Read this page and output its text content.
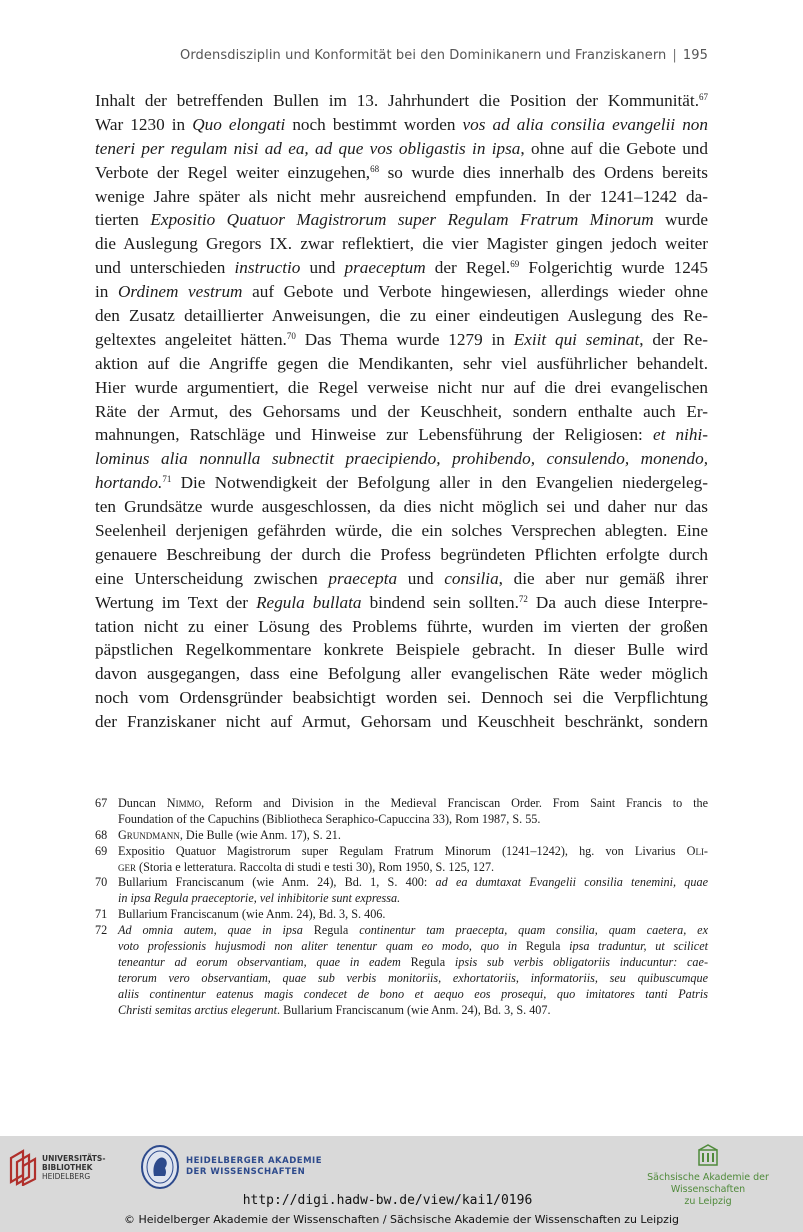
Ordensdisziplin und Konformität bei den Dominikanern und Franziskanern | 195
Inhalt der betreffenden Bullen im 13. Jahrhundert die Position der Kommunität.$^{67}$
War 1230 in Quo elongati noch bestimmt worden vos ad alia consilia evangelii non
teneri per regulam nisi ad ea, ad que vos obligastis in ipsa, ohne auf die Gebote und
Verbote der Regel weiter einzugehen,$^{68}$ so wurde dies innerhalb des Ordens bereits
wenige Jahre später als nicht mehr ausreichend empfunden. In der 1241–1242 da-
tierten Expositio Quatuor Magistrorum super Regulam Fratrum Minorum wurde
die Auslegung Gregors IX. zwar reflektiert, die vier Magister gingen jedoch weiter
und unterschieden instructio und praeceptum der Regel.$^{69}$ Folgerichtig wurde 1245
in Ordinem vestrum auf Gebote und Verbote hingewiesen, allerdings wieder ohne
den Zusatz detaillierter Anweisungen, die zu einer eindeutigen Auslegung des Re-
geltextes angeleitet hätten.$^{70}$ Das Thema wurde 1279 in Exiit qui seminat, der Re-
aktion auf die Angriffe gegen die Mendikanten, sehr viel ausführlicher behandelt.
Hier wurde argumentiert, die Regel verweise nicht nur auf die drei evangelischen
Räte der Armut, des Gehorsams und der Keuschheit, sondern enthalte auch Er-
mahnungen, Ratschläge und Hinweise zur Lebensführung der Religiosen: et nihi-
lominus alia nonnulla subnectit praecipiendo, prohibendo, consulendo, monendo,
hortando.$^{71}$ Die Notwendigkeit der Befolgung aller in den Evangelien niedergeleg-
ten Grundsätze wurde ausgeschlossen, da dies nicht möglich sei und daher nur das
Seelenheil derjenigen gefährden würde, die ein solches Versprechen ablegten. Eine
genauere Beschreibung der durch die Profess begründeten Pflichten erfolgte durch
eine Unterscheidung zwischen praecepta und consilia, die aber nur gemäß ihrer
Wertung im Text der Regula bullata bindend sein sollten.$^{72}$ Da auch diese Interpre-
tation nicht zu einer Lösung des Problems führte, wurden im vierten der großen
päpstlichen Regelkommentare konkrete Beispiele gebracht. In dieser Bulle wird
davon ausgegangen, dass eine Befolgung aller evangelischen Räte weder möglich
noch vom Ordensgründer beabsichtigt worden sei. Dennoch sei die Verpflichtung
der Franziskaner nicht auf Armut, Gehorsam und Keuschheit beschränkt, sondern
67 Duncan Nimmo, Reform and Division in the Medieval Franciscan Order. From Saint Francis to the
Foundation of the Capuchins (Bibliotheca Seraphico-Capuccina 33), Rom 1987, S. 55.
68 Grundmann, Die Bulle (wie Anm. 17), S. 21.
69 Expositio Quatuor Magistrorum super Regulam Fratrum Minorum (1241–1242), hg. von Livarius Oli-
ger (Storia e letteratura. Raccolta di studi e testi 30), Rom 1950, S. 125, 127.
70 Bullarium Franciscanum (wie Anm. 24), Bd. 1, S. 400: ad ea dumtaxat Evangelii consilia tenemini, quae
in ipsa Regula praeceptorie, vel inhibitorie sunt expressa.
71 Bullarium Franciscanum (wie Anm. 24), Bd. 3, S. 406.
72 Ad omnia autem, quae in ipsa Regula continentur tam praecepta, quam consilia, quam caetera, ex
voto professionis hujusmodi non aliter tenentur quam eo modo, quo in Regula ipsa traduntur, ut scilicet
teneantur ad eorum observantiam, quae in eadem Regula ipsis sub verbis obligatoriis inducuntur: cae-
terorum vero observantiam, quae sub verbis monitoriis, exhortatoriis, informatoriis, seu quibuscumque
aliis continentur eatenus magis condecet de bono et aequo eos prosequi, quo imitatores tanti Patris
Christi semitas arctius elegerunt. Bullarium Franciscanum (wie Anm. 24), Bd. 3, S. 407.
UNIVERSITÄTS-
BIBLIOTHEK
HEIDELBERG
HEIDELBERGER AKADEMIE
DER WISSENSCHAFTEN	Sächsische Akademie der Wissenschaften
zu Leipzig
http://digi.hadw-bw.de/view/kai1/0196
© Heidelberger Akademie der Wissenschaften / Sächsische Akademie der Wissenschaften zu Leipzig
